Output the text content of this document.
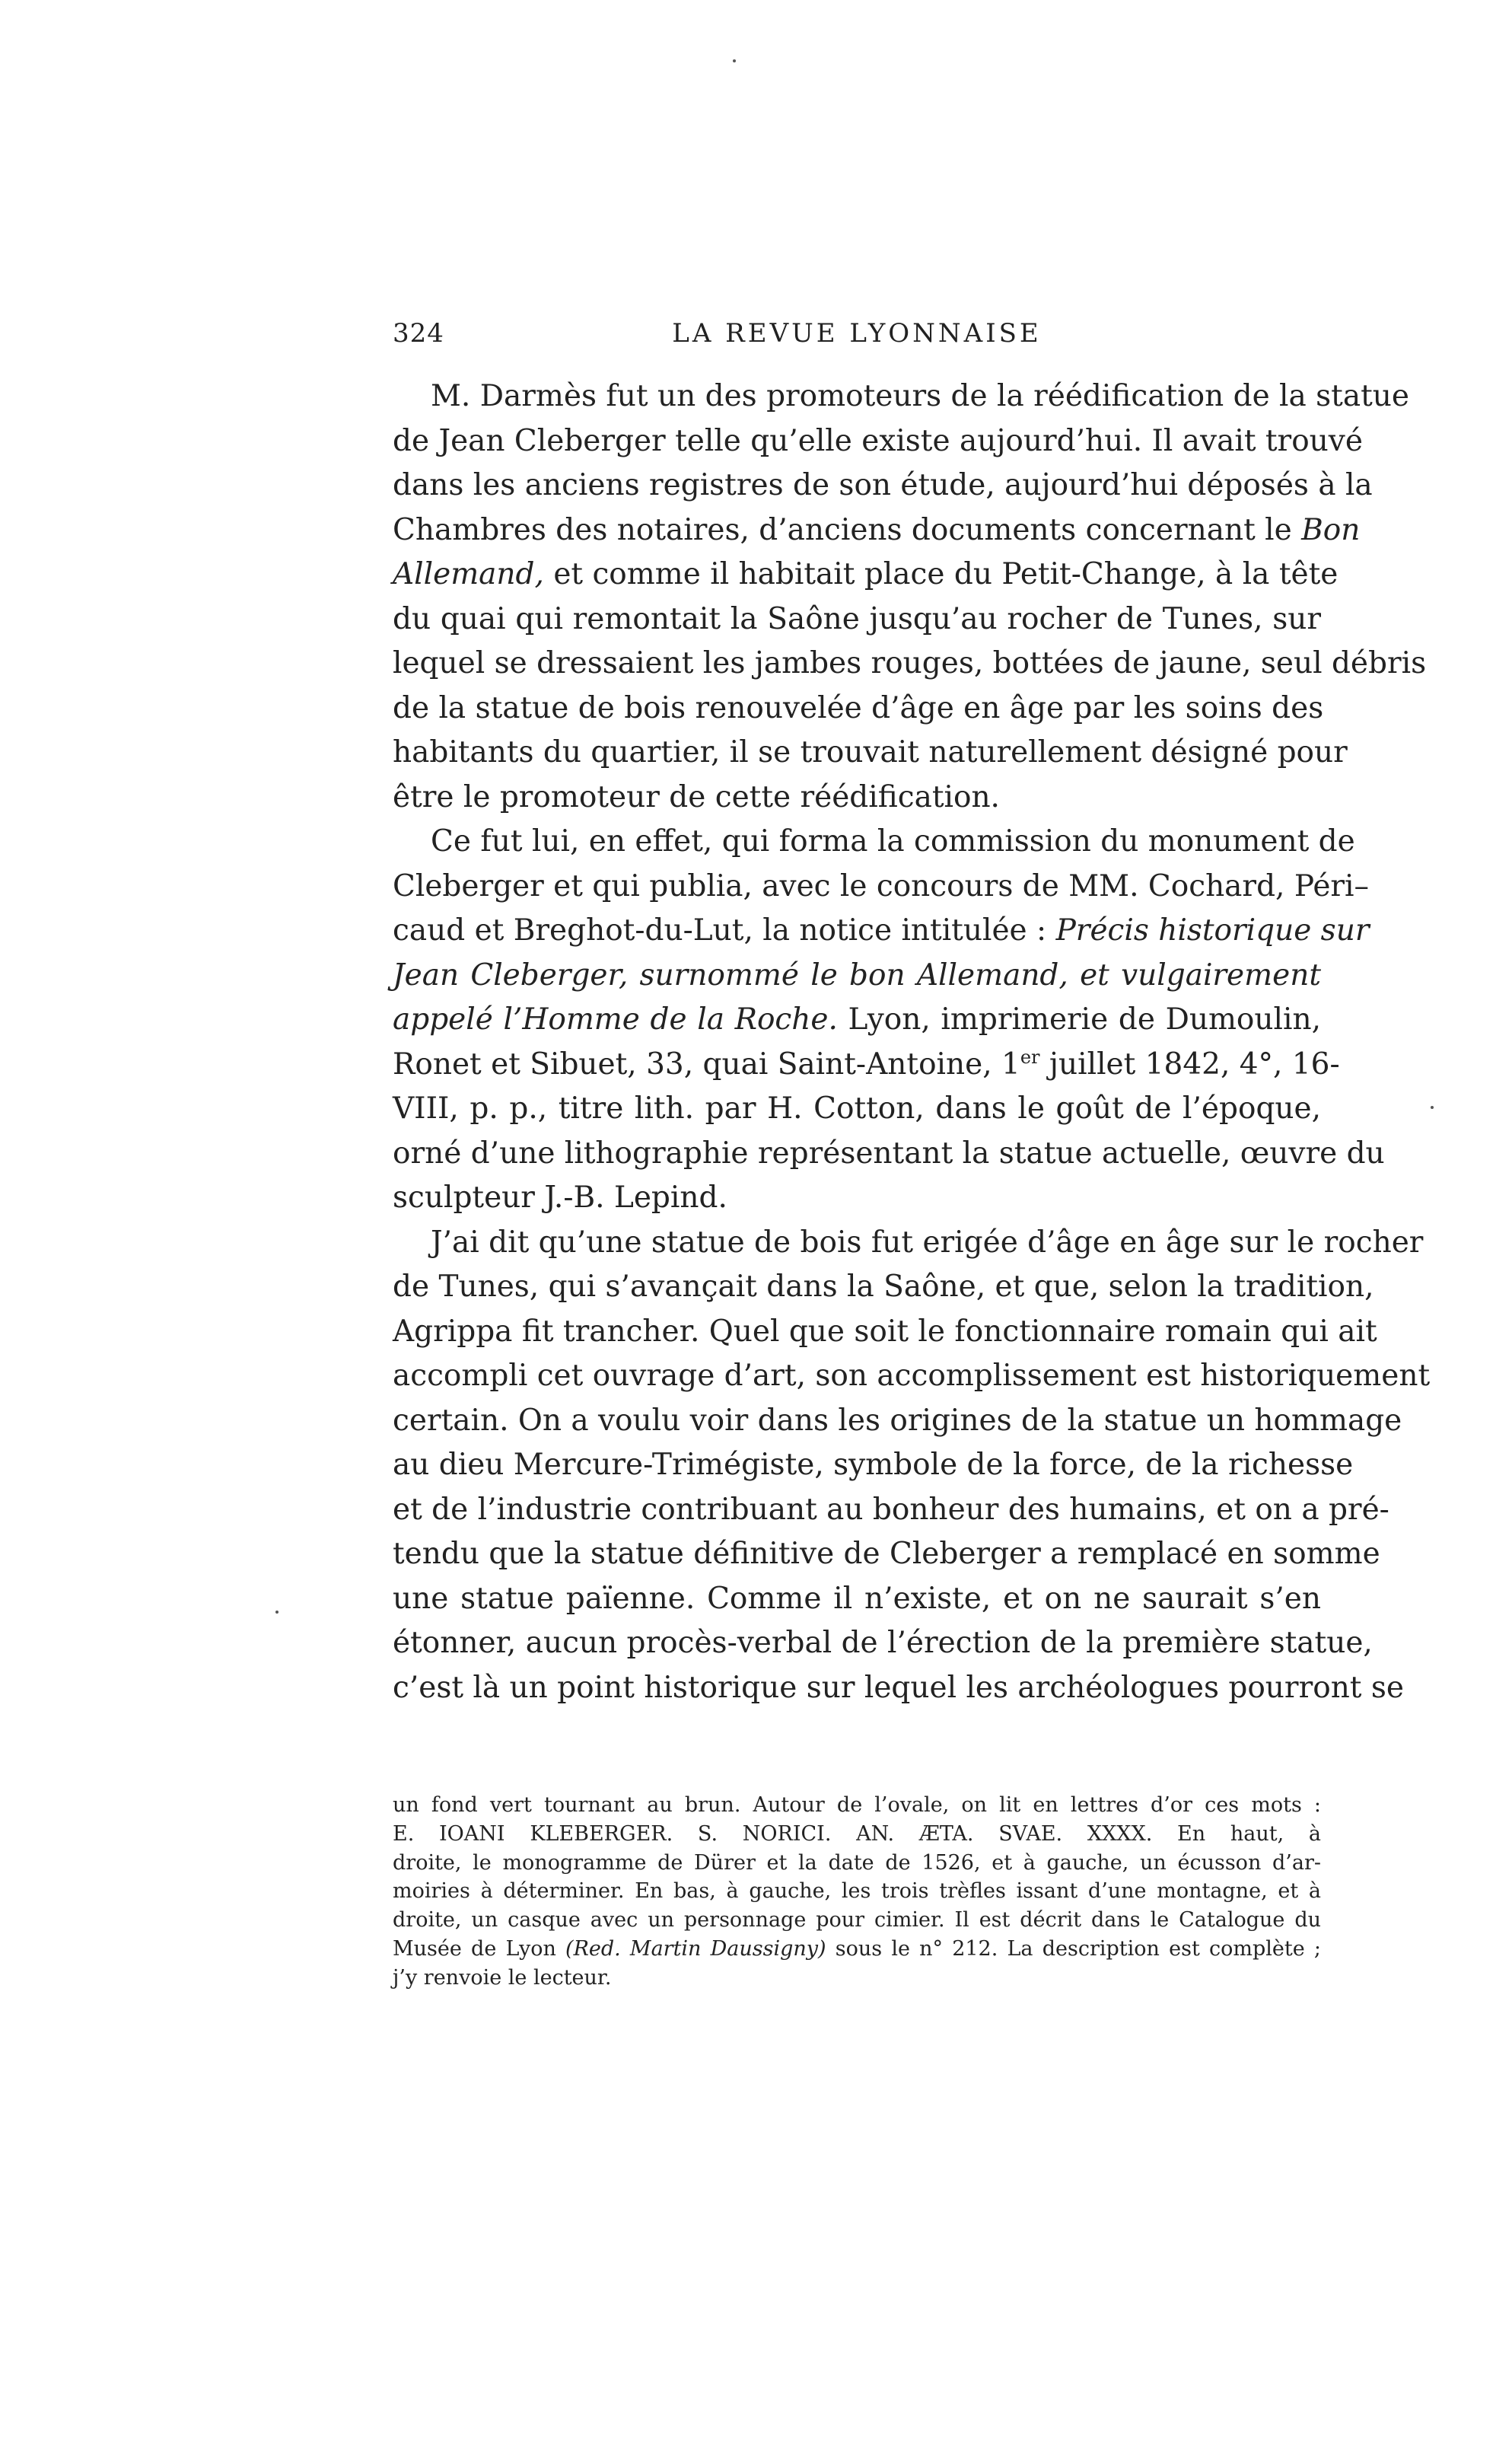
324	LA REVUE LYONNAISE
M. Darmès fut un des promoteurs de la réédification de la statue
de Jean Cleberger telle qu’elle existe aujourd’hui. Il avait trouvé
dans les anciens registres de son étude, aujourd’hui déposés à la
Chambres des notaires, d’anciens documents concernant le Bon
Allemand, et comme il habitait place du Petit-Change, à la tête
du quai qui remontait la Saône jusqu’au rocher de Tunes, sur
lequel se dressaient les jambes rouges, bottées de jaune, seul débris
de la statue de bois renouvelée d’âge en âge par les soins des
habitants du quartier, il se trouvait naturellement désigné pour
être le promoteur de cette réédification.
Ce fut lui, en effet, qui forma la commission du monument de
Cleberger et qui publia, avec le concours de MM. Cochard, Péri–
caud et Breghot-du-Lut, la notice intitulée : Précis historique sur
Jean Cleberger, surnommé le bon Allemand, et vulgairement
appelé l’Homme de la Roche. Lyon, imprimerie de Dumoulin,
Ronet et Sibuet, 33, quai Saint-Antoine, 1er juillet 1842, 4°, 16-
VIII, p. p., titre lith. par H. Cotton, dans le goût de l’époque,
orné d’une lithographie représentant la statue actuelle, œuvre du
sculpteur J.-B. Lepind.
J’ai dit qu’une statue de bois fut erigée d’âge en âge sur le rocher
de Tunes, qui s’avançait dans la Saône, et que, selon la tradition,
Agrippa fit trancher. Quel que soit le fonctionnaire romain qui ait
accompli cet ouvrage d’art, son accomplissement est historiquement
certain. On a voulu voir dans les origines de la statue un hommage
au dieu Mercure-Trimégiste, symbole de la force, de la richesse
et de l’industrie contribuant au bonheur des humains, et on a pré-
tendu que la statue définitive de Cleberger a remplacé en somme
une statue païenne. Comme il n’existe, et on ne saurait s’en
étonner, aucun procès-verbal de l’érection de la première statue,
c’est là un point historique sur lequel les archéologues pourront se
un fond vert tournant au brun. Autour de l’ovale, on lit en lettres d’or ces mots :
E. IOANI KLEBERGER. S. NORICI. AN. ÆTA. SVAE. XXXX. En haut, à
droite, le monogramme de Dürer et la date de 1526, et à gauche, un écusson d’ar-
moiries à déterminer. En bas, à gauche, les trois trèfles issant d’une montagne, et à
droite, un casque avec un personnage pour cimier. Il est décrit dans le Catalogue du
Musée de Lyon (Red. Martin Daussigny) sous le n° 212. La description est complète ;
j’y renvoie le lecteur.
